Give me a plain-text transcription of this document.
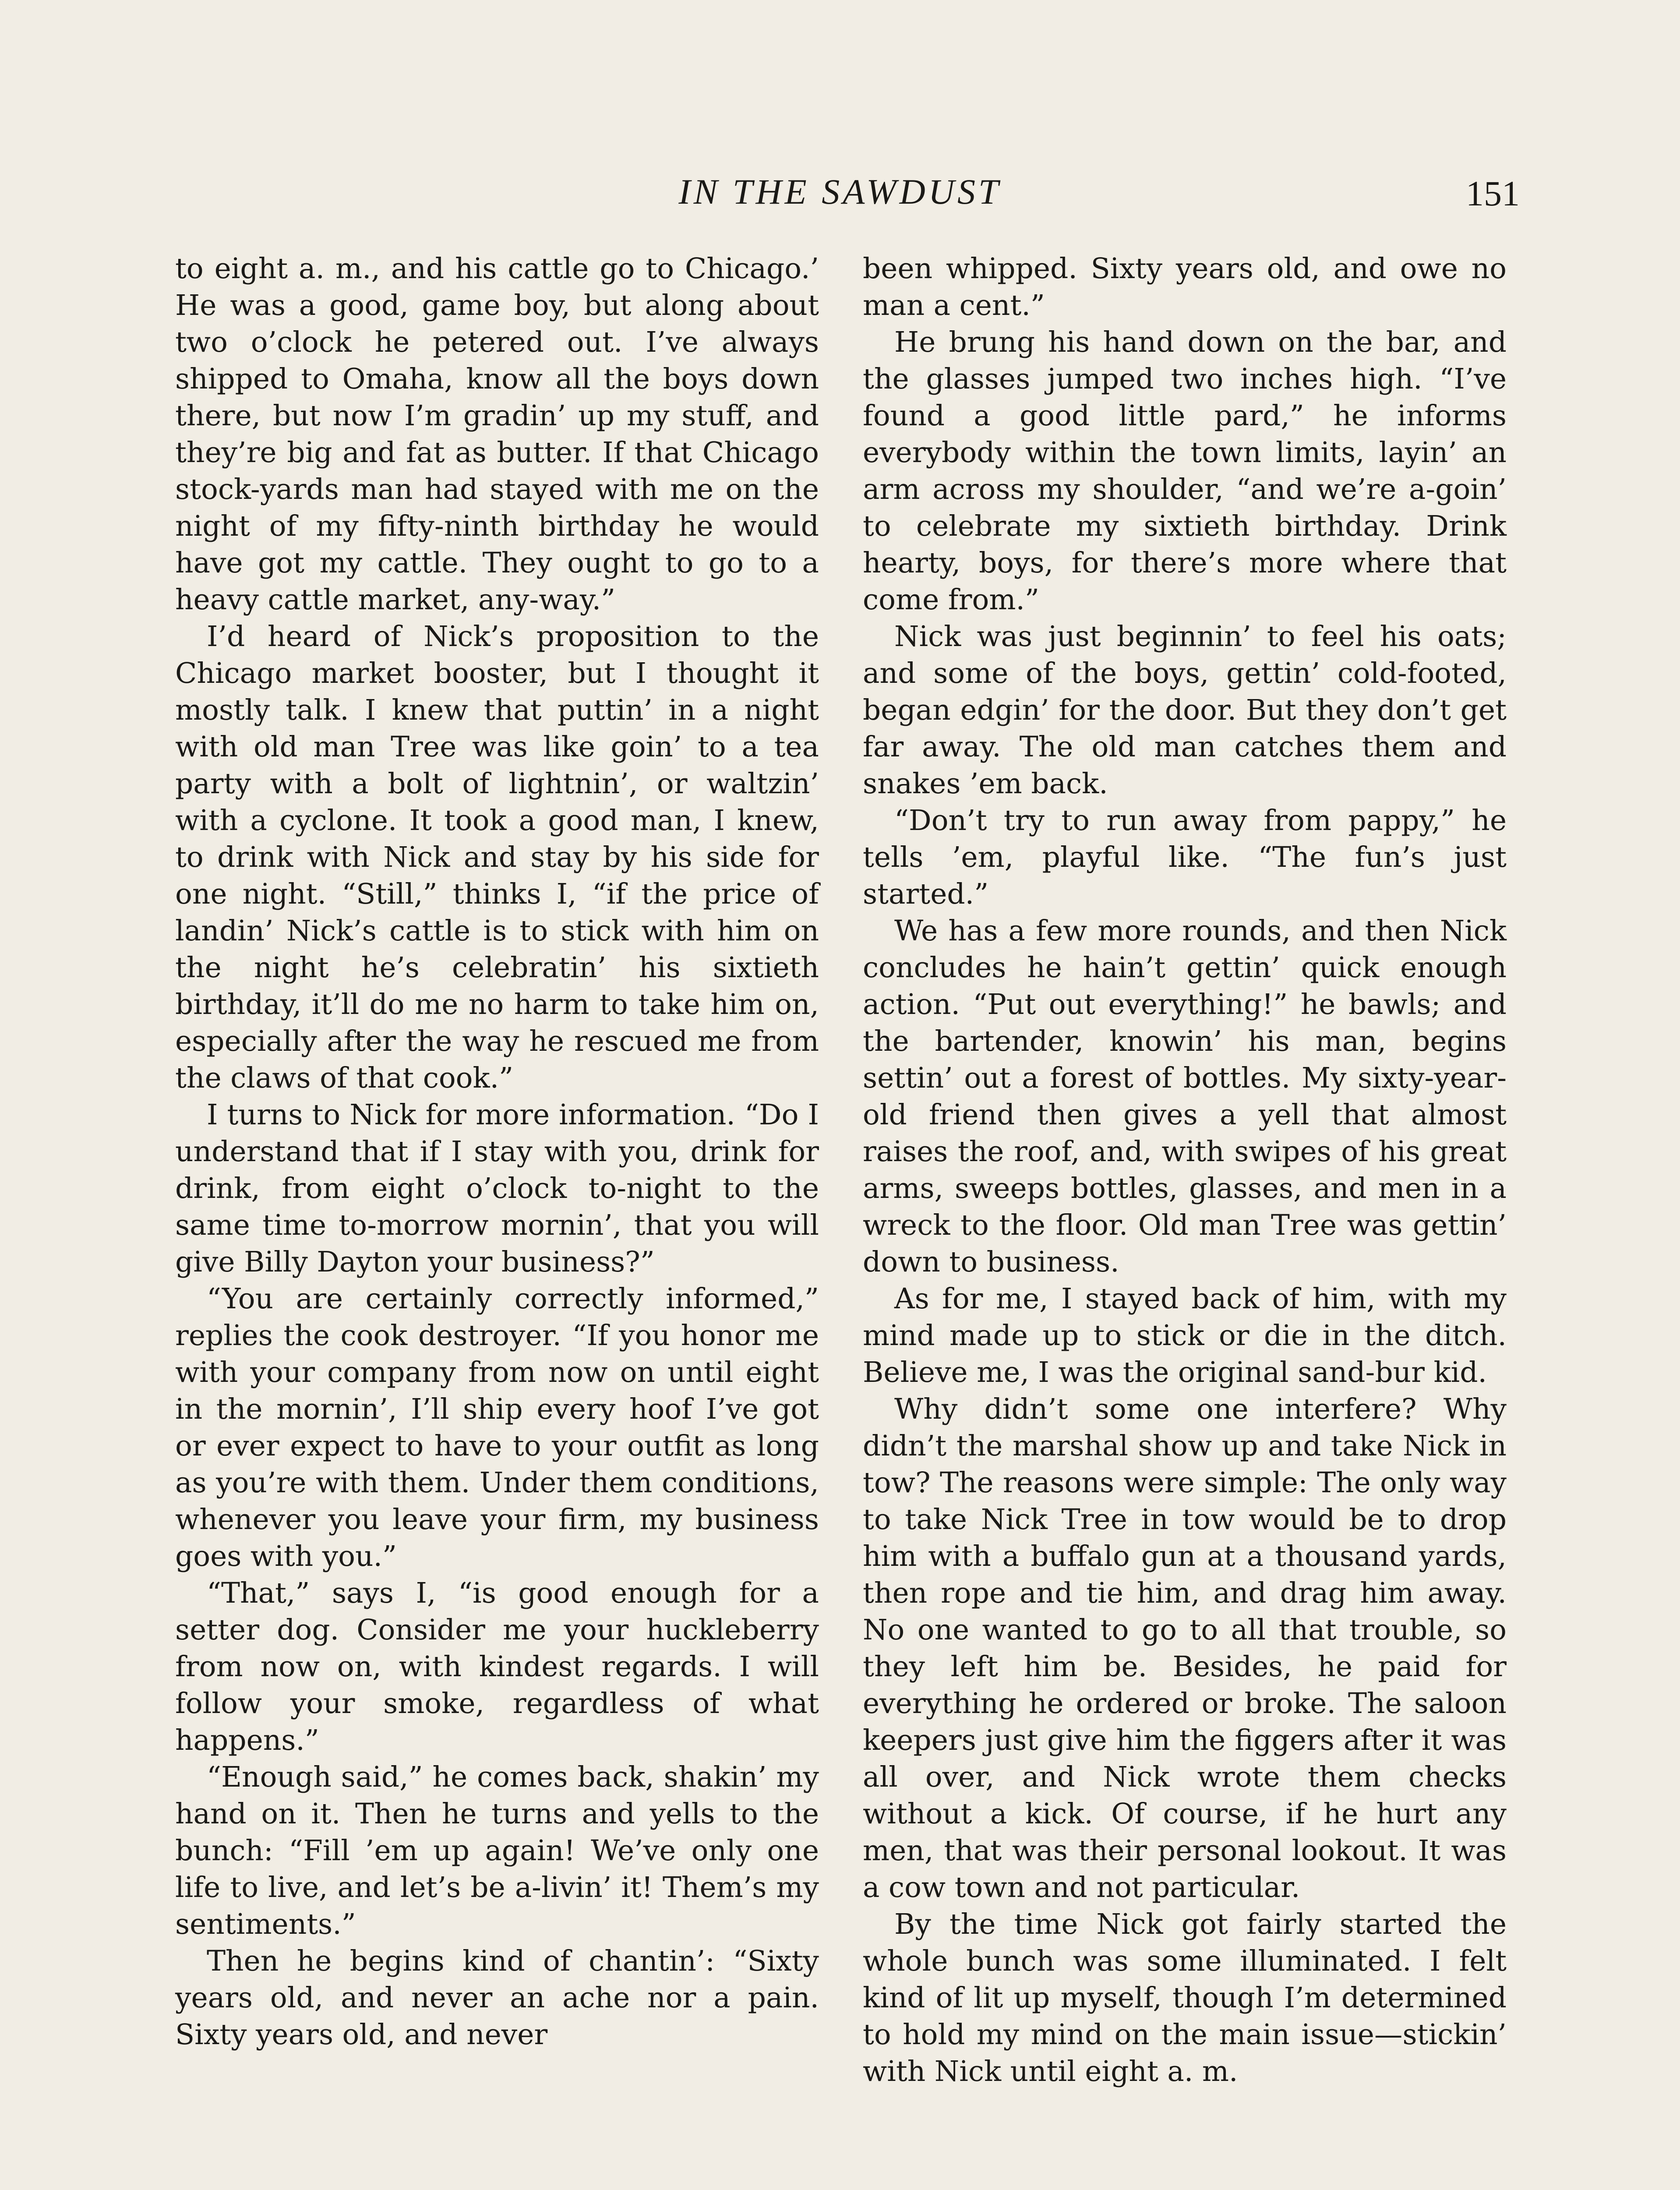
IN THE SAWDUST	151

to eight a. m., and his cattle go to Chicago.’ He was a good, game boy, but along about two o’clock he petered out. I’ve always shipped to Omaha, know all the boys down there, but now I’m gradin’ up my stuff, and they’re big and fat as butter. If that Chicago stock-yards man had stayed with me on the night of my fifty-ninth birthday he would have got my cattle. They ought to go to a heavy cattle market, any-way.”

I’d heard of Nick’s proposition to the Chicago market booster, but I thought it mostly talk. I knew that puttin’ in a night with old man Tree was like goin’ to a tea party with a bolt of lightnin’, or waltzin’ with a cyclone. It took a good man, I knew, to drink with Nick and stay by his side for one night. “Still,” thinks I, “if the price of landin’ Nick’s cattle is to stick with him on the night he’s celebratin’ his sixtieth birthday, it’ll do me no harm to take him on, especially after the way he rescued me from the claws of that cook.”

I turns to Nick for more information. “Do I understand that if I stay with you, drink for drink, from eight o’clock to-night to the same time to-morrow mornin’, that you will give Billy Dayton your business?”

“You are certainly correctly informed,” replies the cook destroyer. “If you honor me with your company from now on until eight in the mornin’, I’ll ship every hoof I’ve got or ever expect to have to your outfit as long as you’re with them. Under them conditions, whenever you leave your firm, my business goes with you.”

“That,” says I, “is good enough for a setter dog. Consider me your huckleberry from now on, with kindest regards. I will follow your smoke, regardless of what happens.”

“Enough said,” he comes back, shakin’ my hand on it. Then he turns and yells to the bunch: “Fill ’em up again! We’ve only one life to live, and let’s be a-livin’ it! Them’s my sentiments.”

Then he begins kind of chantin’: “Sixty years old, and never an ache nor a pain. Sixty years old, and never

been whipped. Sixty years old, and owe no man a cent.”

He brung his hand down on the bar, and the glasses jumped two inches high. “I’ve found a good little pard,” he informs everybody within the town limits, layin’ an arm across my shoulder, “and we’re a-goin’ to celebrate my sixtieth birthday. Drink hearty, boys, for there’s more where that come from.”

Nick was just beginnin’ to feel his oats; and some of the boys, gettin’ cold-footed, began edgin’ for the door. But they don’t get far away. The old man catches them and snakes ’em back.

“Don’t try to run away from pappy,” he tells ’em, playful like. “The fun’s just started.”

We has a few more rounds, and then Nick concludes he hain’t gettin’ quick enough action. “Put out everything!” he bawls; and the bartender, knowin’ his man, begins settin’ out a forest of bottles. My sixty-year-old friend then gives a yell that almost raises the roof, and, with swipes of his great arms, sweeps bottles, glasses, and men in a wreck to the floor. Old man Tree was gettin’ down to business.

As for me, I stayed back of him, with my mind made up to stick or die in the ditch. Believe me, I was the original sand-bur kid.

Why didn’t some one interfere? Why didn’t the marshal show up and take Nick in tow? The reasons were simple: The only way to take Nick Tree in tow would be to drop him with a buffalo gun at a thousand yards, then rope and tie him, and drag him away. No one wanted to go to all that trouble, so they left him be. Besides, he paid for everything he ordered or broke. The saloon keepers just give him the figgers after it was all over, and Nick wrote them checks without a kick. Of course, if he hurt any men, that was their personal lookout. It was a cow town and not particular.

By the time Nick got fairly started the whole bunch was some illuminated. I felt kind of lit up myself, though I’m determined to hold my mind on the main issue—stickin’ with Nick until eight a. m.
